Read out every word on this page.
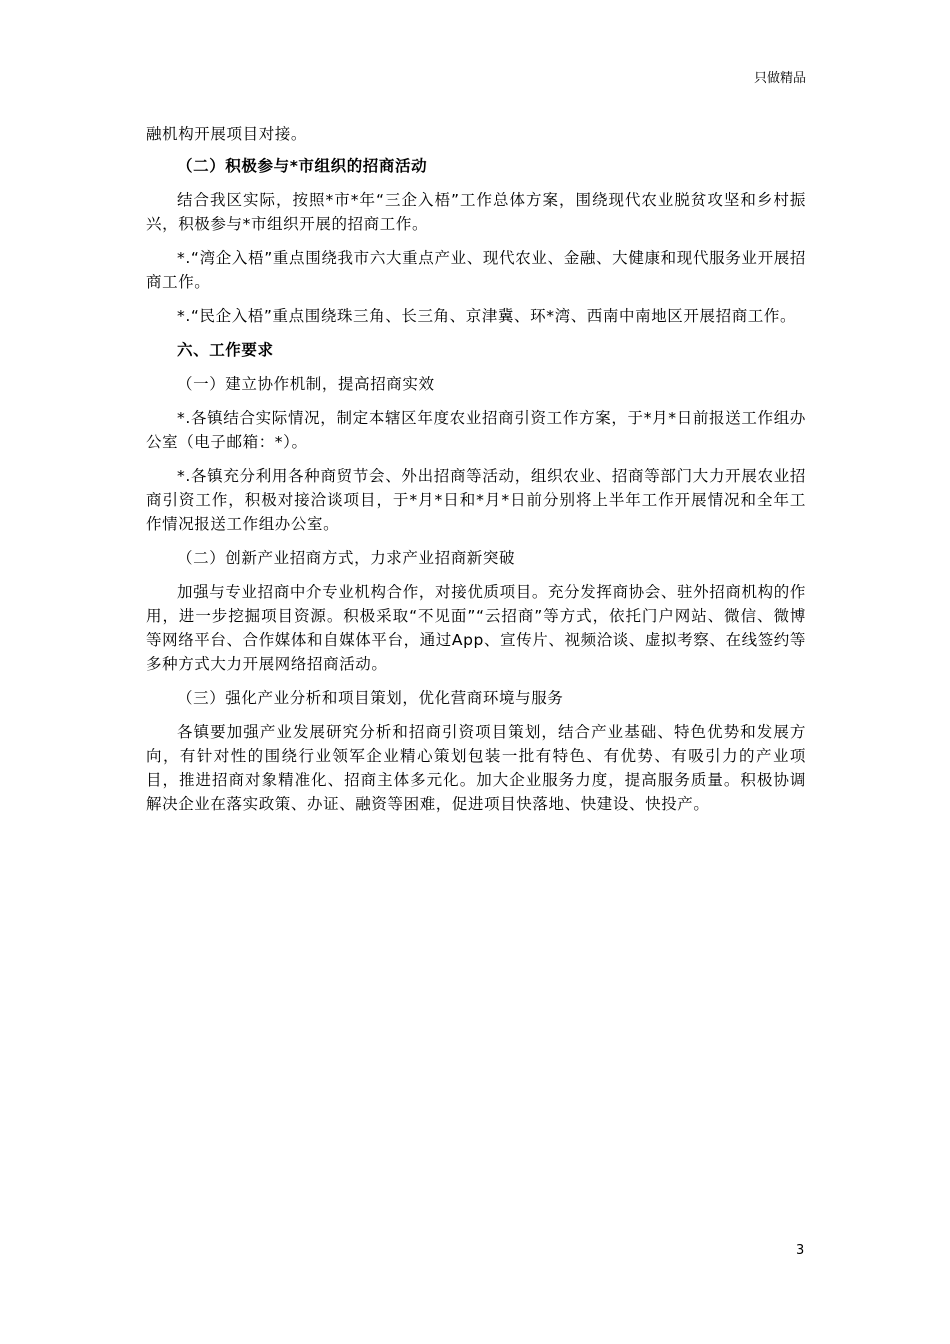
只做精品

融机构开展项目对接。

（二）积极参与*市组织的招商活动

结合我区实际，按照*市*年“三企入梧”工作总体方案，围绕现代农业脱贫攻坚和乡村振兴，积极参与*市组织开展的招商工作。

*.“湾企入梧”重点围绕我市六大重点产业、现代农业、金融、大健康和现代服务业开展招商工作。

*.“民企入梧”重点围绕珠三角、长三角、京津冀、环*湾、西南中南地区开展招商工作。

六、工作要求

（一）建立协作机制，提高招商实效

*.各镇结合实际情况，制定本辖区年度农业招商引资工作方案，于*月*日前报送工作组办公室（电子邮箱：*）。

*.各镇充分利用各种商贸节会、外出招商等活动，组织农业、招商等部门大力开展农业招商引资工作，积极对接洽谈项目，于*月*日和*月*日前分别将上半年工作开展情况和全年工作情况报送工作组办公室。

（二）创新产业招商方式，力求产业招商新突破

加强与专业招商中介专业机构合作，对接优质项目。充分发挥商协会、驻外招商机构的作用，进一步挖掘项目资源。积极采取“不见面”“云招商”等方式，依托门户网站、微信、微博等网络平台、合作媒体和自媒体平台，通过App、宣传片、视频洽谈、虚拟考察、在线签约等多种方式大力开展网络招商活动。

（三）强化产业分析和项目策划，优化营商环境与服务

各镇要加强产业发展研究分析和招商引资项目策划，结合产业基础、特色优势和发展方向，有针对性的围绕行业领军企业精心策划包装一批有特色、有优势、有吸引力的产业项目，推进招商对象精准化、招商主体多元化。加大企业服务力度，提高服务质量。积极协调解决企业在落实政策、办证、融资等困难，促进项目快落地、快建设、快投产。

3
